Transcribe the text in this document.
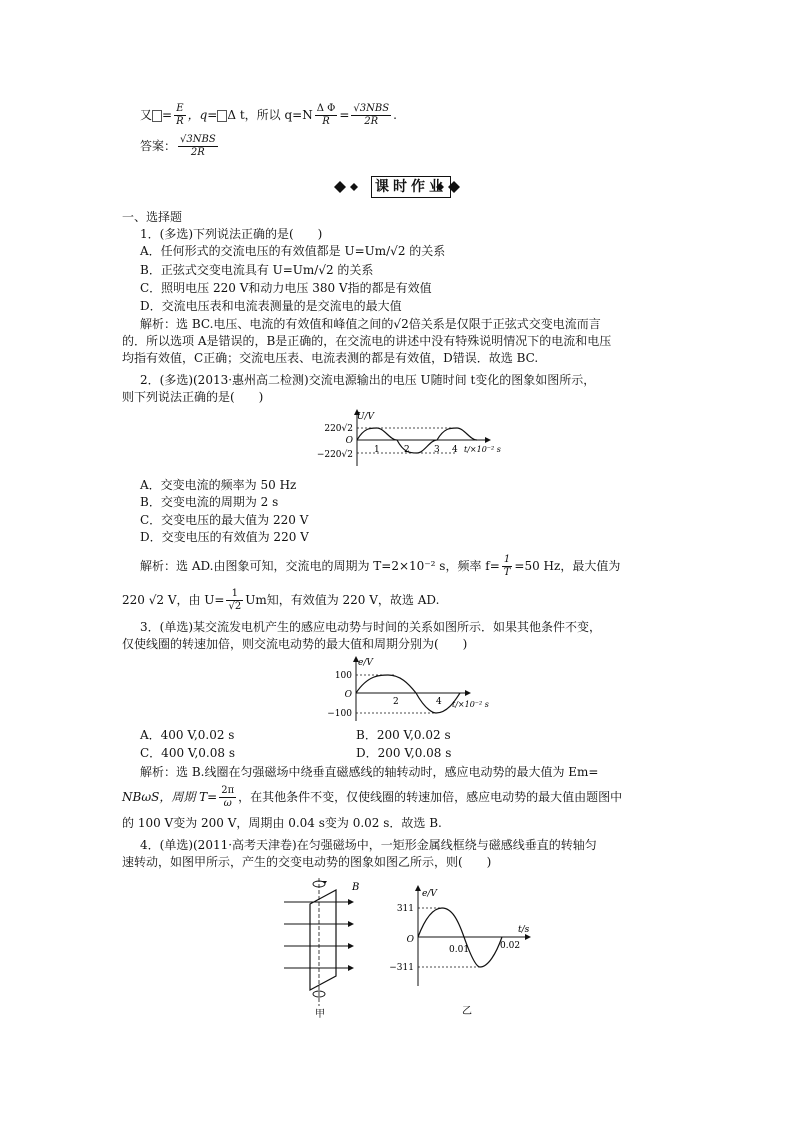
又 = $\frac{E}{R}$ ，q= Δ t，所以 $q=N \frac{\text{Δ Φ}}{R} = \frac{\text{√3NBS}}{2R}$ .
答案： $\frac{\text{√3NBS}}{2R}$
课时作业
一、选择题
1．(多选)下列说法正确的是(　　)
A．任何形式的交流电压的有效值都是 U=Um/√2 的关系
B．正弦式交变电流具有 U=Um/√2 的关系
C．照明电压 220 V和动力电压 380 V指的都是有效值
D．交流电压表和电流表测量的是交流电的最大值
解析：选 BC.电压、电流的有效值和峰值之间的√2倍关系是仅限于正弦式交变电流而言
的．所以选项 A是错误的，B是正确的，在交流电的讲述中没有特殊说明情况下的电流和电压
均指有效值，C正确；交流电压表、电流表测的都是有效值，D错误．故选 BC.
2．(多选)(2013·惠州高二检测)交流电源输出的电压 U随时间 t变化的图象如图所示，
则下列说法正确的是(　　)
U/V
220√2
O
−220√2 1	2	3 4 t/×10⁻² s
A．交变电流的频率为 50 Hz
B．交变电流的周期为 2 s
C．交变电压的最大值为 220 V
D．交变电压的有效值为 220 V
解析：选 AD.由图象可知，交流电的周期为 T=2×10⁻² s，频率 $f= \frac{1}{T} =50$ Hz，最大值为
220 √2 V，由 $U= \frac{1}{√2}$ Um知，有效值为 220 V，故选 AD.
3．(单选)某交流发电机产生的感应电动势与时间的关系如图所示．如果其他条件不变，
仅使线圈的转速加倍，则交流电动势的最大值和周期分别为(　　)
e/V
100
O
−100
2	4 t/×10⁻² s
A．400 V,0.02 s	B．200 V,0.02 s
C．400 V,0.08 s	D．200 V,0.08 s
解析：选 B.线圈在匀强磁场中绕垂直磁感线的轴转动时，感应电动势的最大值为 Em=
NBωS，周期 $T= \frac{2\pi}{\omega}$ ，在其他条件不变，仅使线圈的转速加倍，感应电动势的最大值由题图中
的 100 V变为 200 V，周期由 0.04 s变为 0.02 s．故选 B.
4．(单选)(2011·高考天津卷)在匀强磁场中，一矩形金属线框绕与磁感线垂直的转轴匀
速转动，如图甲所示，产生的交变电动势的图象如图乙所示，则(　　)
B
甲
e/V
311
O
−311
t/s
0.01	0.02
乙
